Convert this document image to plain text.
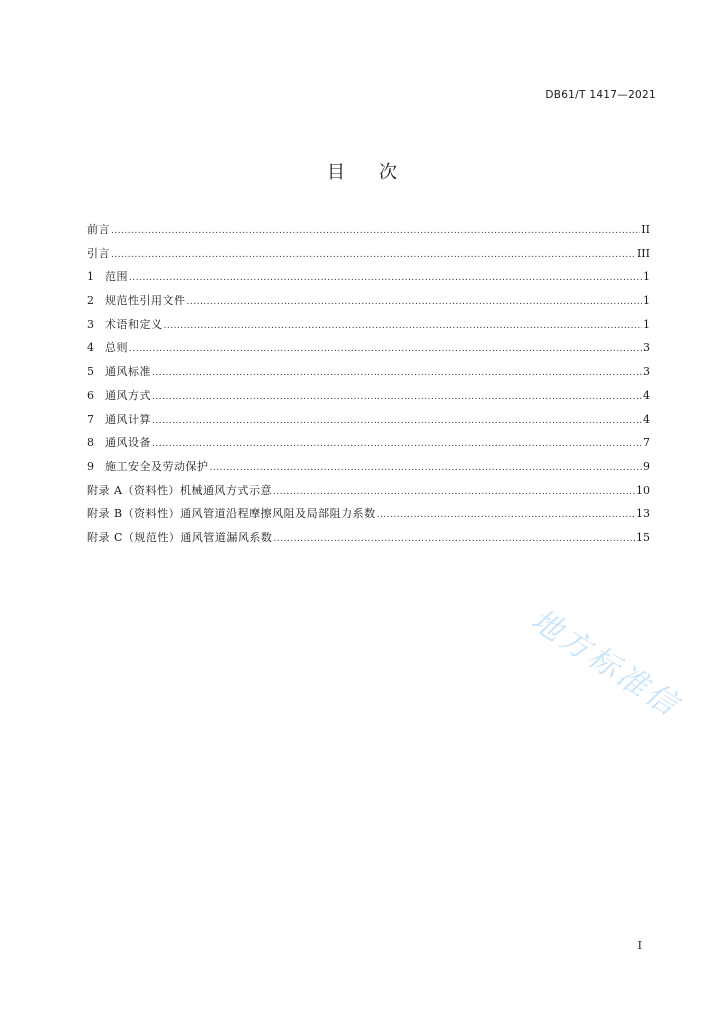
DB61/T 1417—2021
目 次
前言 .....	II
引言 .....	III
1	范围 .....	1
2	规范性引用文件 .....	1
3	术语和定义 .....	1
4	总则 .....	3
5	通风标准 .....	3
6	通风方式 .....	4
7	通风计算 .....	4
8	通风设备 .....	7
9	施工安全及劳动保护 .....	9
附录 A（资料性）机械通风方式示意 .....	10
附录 B（资料性）通风管道沿程摩擦风阻及局部阻力系数 .....	13
附录 C（规范性）通风管道漏风系数 .....	15
地方标准信
I
